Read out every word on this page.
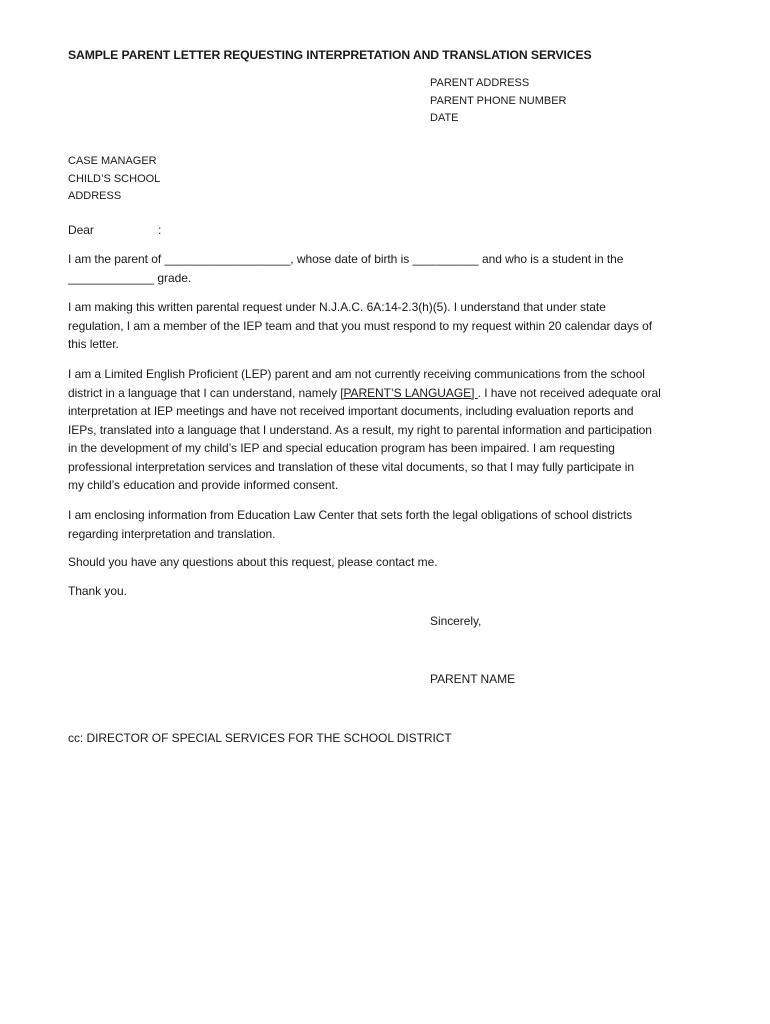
SAMPLE PARENT LETTER REQUESTING INTERPRETATION AND TRANSLATION SERVICES
PARENT ADDRESS
PARENT PHONE NUMBER
DATE
CASE MANAGER
CHILD’S SCHOOL
ADDRESS
Dear	:
I am the parent of ___________________, whose date of birth is __________ and who is a student in the
_____________ grade.
I am making this written parental request under N.J.A.C. 6A:14-2.3(h)(5). I understand that under state
regulation, I am a member of the IEP team and that you must respond to my request within 20 calendar days of
this letter.
I am a Limited English Proficient (LEP) parent and am not currently receiving communications from the school
district in a language that I can understand, namely [PARENT’S LANGUAGE] . I have not received adequate oral
interpretation at IEP meetings and have not received important documents, including evaluation reports and
IEPs, translated into a language that I understand. As a result, my right to parental information and participation
in the development of my child’s IEP and special education program has been impaired. I am requesting
professional interpretation services and translation of these vital documents, so that I may fully participate in
my child’s education and provide informed consent.
I am enclosing information from Education Law Center that sets forth the legal obligations of school districts
regarding interpretation and translation.
Should you have any questions about this request, please contact me.
Thank you.
Sincerely,
PARENT NAME
cc: DIRECTOR OF SPECIAL SERVICES FOR THE SCHOOL DISTRICT
